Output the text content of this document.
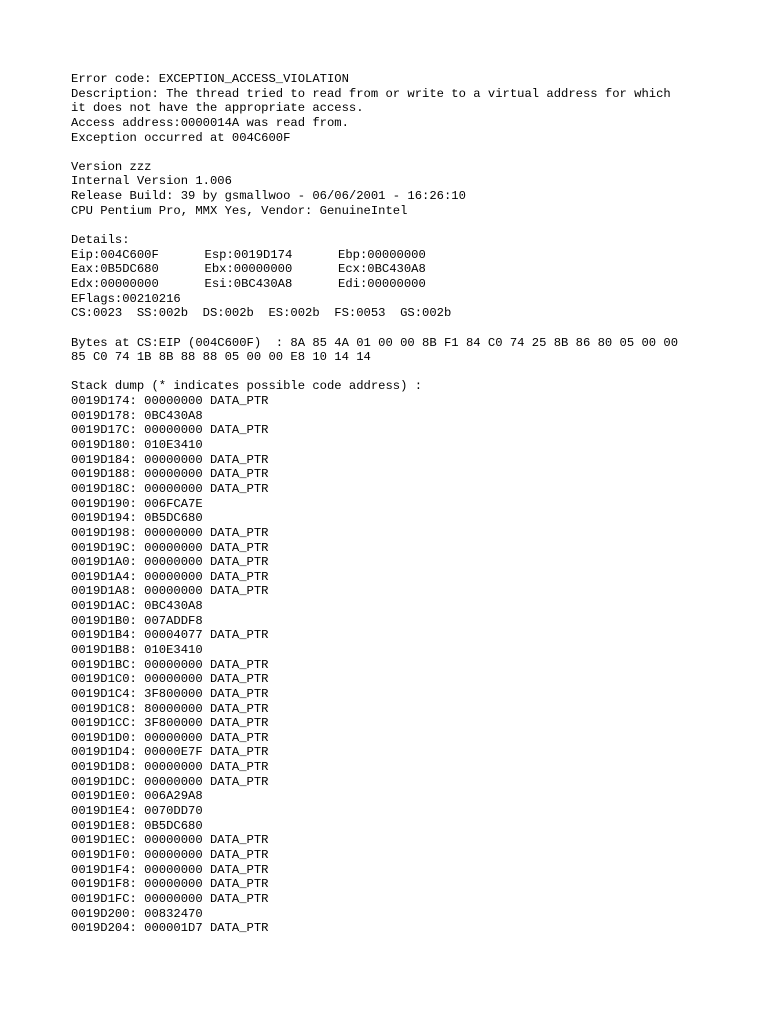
Error code: EXCEPTION_ACCESS_VIOLATION
Description: The thread tried to read from or write to a virtual address for which
it does not have the appropriate access.
Access address:0000014A was read from.
Exception occurred at 004C600F
Version zzz
Internal Version 1.006
Release Build: 39 by gsmallwoo - 06/06/2001 - 16:26:10
CPU Pentium Pro, MMX Yes, Vendor: GenuineIntel
Details:
Eip:004C600F	Esp:0019D174	Ebp:00000000
Eax:0B5DC680	Ebx:00000000	Ecx:0BC430A8
Edx:00000000	Esi:0BC430A8	Edi:00000000
EFlags:00210216
CS:0023  SS:002b  DS:002b  ES:002b  FS:0053  GS:002b
Bytes at CS:EIP (004C600F)  : 8A 85 4A 01 00 00 8B F1 84 C0 74 25 8B 86 80 05 00 00
85 C0 74 1B 8B 88 88 05 00 00 E8 10 14 14
Stack dump (* indicates possible code address) :
0019D174: 00000000 DATA_PTR
0019D178: 0BC430A8
0019D17C: 00000000 DATA_PTR
0019D180: 010E3410
0019D184: 00000000 DATA_PTR
0019D188: 00000000 DATA_PTR
0019D18C: 00000000 DATA_PTR
0019D190: 006FCA7E
0019D194: 0B5DC680
0019D198: 00000000 DATA_PTR
0019D19C: 00000000 DATA_PTR
0019D1A0: 00000000 DATA_PTR
0019D1A4: 00000000 DATA_PTR
0019D1A8: 00000000 DATA_PTR
0019D1AC: 0BC430A8
0019D1B0: 007ADDF8
0019D1B4: 00004077 DATA_PTR
0019D1B8: 010E3410
0019D1BC: 00000000 DATA_PTR
0019D1C0: 00000000 DATA_PTR
0019D1C4: 3F800000 DATA_PTR
0019D1C8: 80000000 DATA_PTR
0019D1CC: 3F800000 DATA_PTR
0019D1D0: 00000000 DATA_PTR
0019D1D4: 00000E7F DATA_PTR
0019D1D8: 00000000 DATA_PTR
0019D1DC: 00000000 DATA_PTR
0019D1E0: 006A29A8
0019D1E4: 0070DD70
0019D1E8: 0B5DC680
0019D1EC: 00000000 DATA_PTR
0019D1F0: 00000000 DATA_PTR
0019D1F4: 00000000 DATA_PTR
0019D1F8: 00000000 DATA_PTR
0019D1FC: 00000000 DATA_PTR
0019D200: 00832470
0019D204: 000001D7 DATA_PTR
